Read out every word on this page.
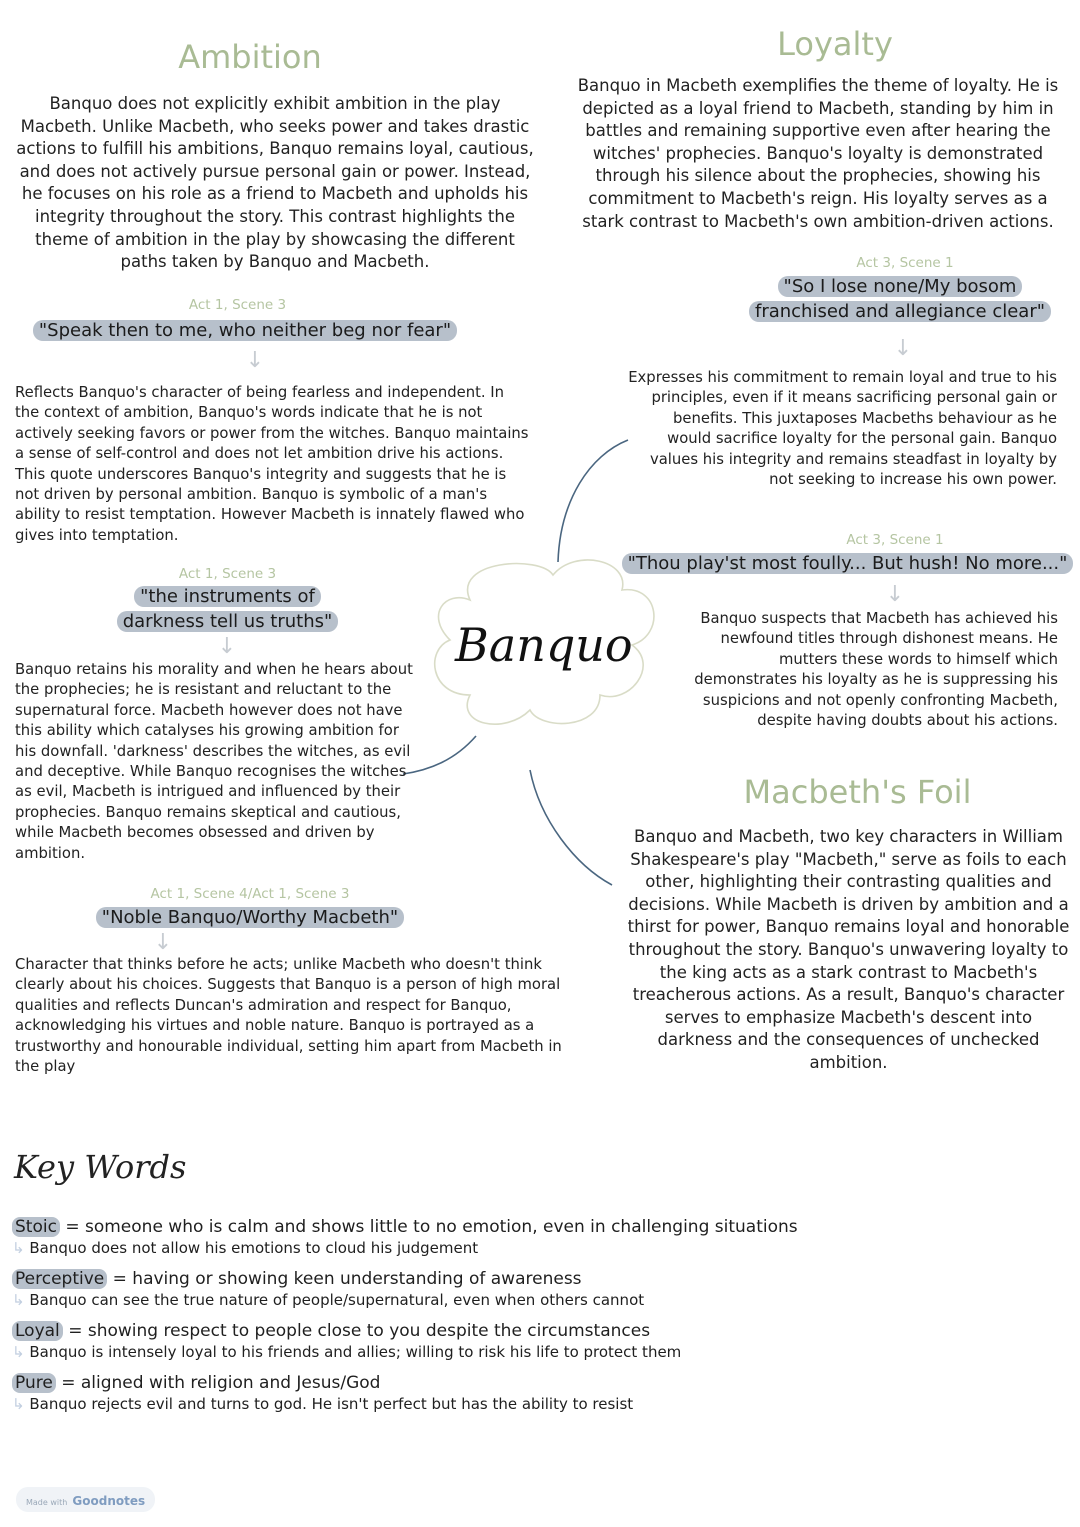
Banquo
Ambition
Banquo does not explicitly exhibit ambition in the play Macbeth. Unlike Macbeth, who seeks power and takes drastic actions to fulfill his ambitions, Banquo remains loyal, cautious, and does not actively pursue personal gain or power. Instead, he focuses on his role as a friend to Macbeth and upholds his integrity throughout the story. This contrast highlights the theme of ambition in the play by showcasing the different paths taken by Banquo and Macbeth.
Act 1, Scene 3
"Speak then to me, who neither beg nor fear"
↓
Reflects Banquo's character of being fearless and independent. In the context of ambition, Banquo's words indicate that he is not actively seeking favors or power from the witches. Banquo maintains a sense of self-control and does not let ambition drive his actions. This quote underscores Banquo's integrity and suggests that he is not driven by personal ambition. Banquo is symbolic of a man's ability to resist temptation. However Macbeth is innately flawed who gives into temptation.
Act 1, Scene 3
"the instruments of darkness tell us truths"
↓
Banquo retains his morality and when he hears about the prophecies; he is resistant and reluctant to the supernatural force. Macbeth however does not have this ability which catalyses his growing ambition for his downfall. 'darkness' describes the witches, as evil and deceptive. While Banquo recognises the witches as evil, Macbeth is intrigued and influenced by their prophecies. Banquo remains skeptical and cautious, while Macbeth becomes obsessed and driven by ambition.
Act 1, Scene 4/Act 1, Scene 3
"Noble Banquo/Worthy Macbeth"
↓
Character that thinks before he acts; unlike Macbeth who doesn't think clearly about his choices. Suggests that Banquo is a person of high moral qualities and reflects Duncan's admiration and respect for Banquo, acknowledging his virtues and noble nature. Banquo is portrayed as a trustworthy and honourable individual, setting him apart from Macbeth in the play
Loyalty
Banquo in Macbeth exemplifies the theme of loyalty. He is depicted as a loyal friend to Macbeth, standing by him in battles and remaining supportive even after hearing the witches' prophecies. Banquo's loyalty is demonstrated through his silence about the prophecies, showing his commitment to Macbeth's reign. His loyalty serves as a stark contrast to Macbeth's own ambition-driven actions.
Act 3, Scene 1
"So I lose none/My bosom franchised and allegiance clear"
↓
Expresses his commitment to remain loyal and true to his principles, even if it means sacrificing personal gain or benefits. This juxtaposes Macbeths behaviour as he would sacrifice loyalty for the personal gain. Banquo values his integrity and remains steadfast in loyalty by not seeking to increase his own power.
Act 3, Scene 1
"Thou play'st most foully... But hush! No more..."
↓
Banquo suspects that Macbeth has achieved his newfound titles through dishonest means. He mutters these words to himself which demonstrates his loyalty as he is suppressing his suspicions and not openly confronting Macbeth, despite having doubts about his actions.
Macbeth's Foil
Banquo and Macbeth, two key characters in William Shakespeare's play "Macbeth," serve as foils to each other, highlighting their contrasting qualities and decisions. While Macbeth is driven by ambition and a thirst for power, Banquo remains loyal and honorable throughout the story. Banquo's unwavering loyalty to the king acts as a stark contrast to Macbeth's treacherous actions. As a result, Banquo's character serves to emphasize Macbeth's descent into darkness and the consequences of unchecked ambition.
Key Words
Stoic = someone who is calm and shows little to no emotion, even in challenging situations
↳ Banquo does not allow his emotions to cloud his judgement
Perceptive = having or showing keen understanding of awareness
↳ Banquo can see the true nature of people/supernatural, even when others cannot
Loyal = showing respect to people close to you despite the circumstances
↳ Banquo is intensely loyal to his friends and allies; willing to risk his life to protect them
Pure = aligned with religion and Jesus/God
↳ Banquo rejects evil and turns to god. He isn't perfect but has the ability to resist
Made with Goodnotes
